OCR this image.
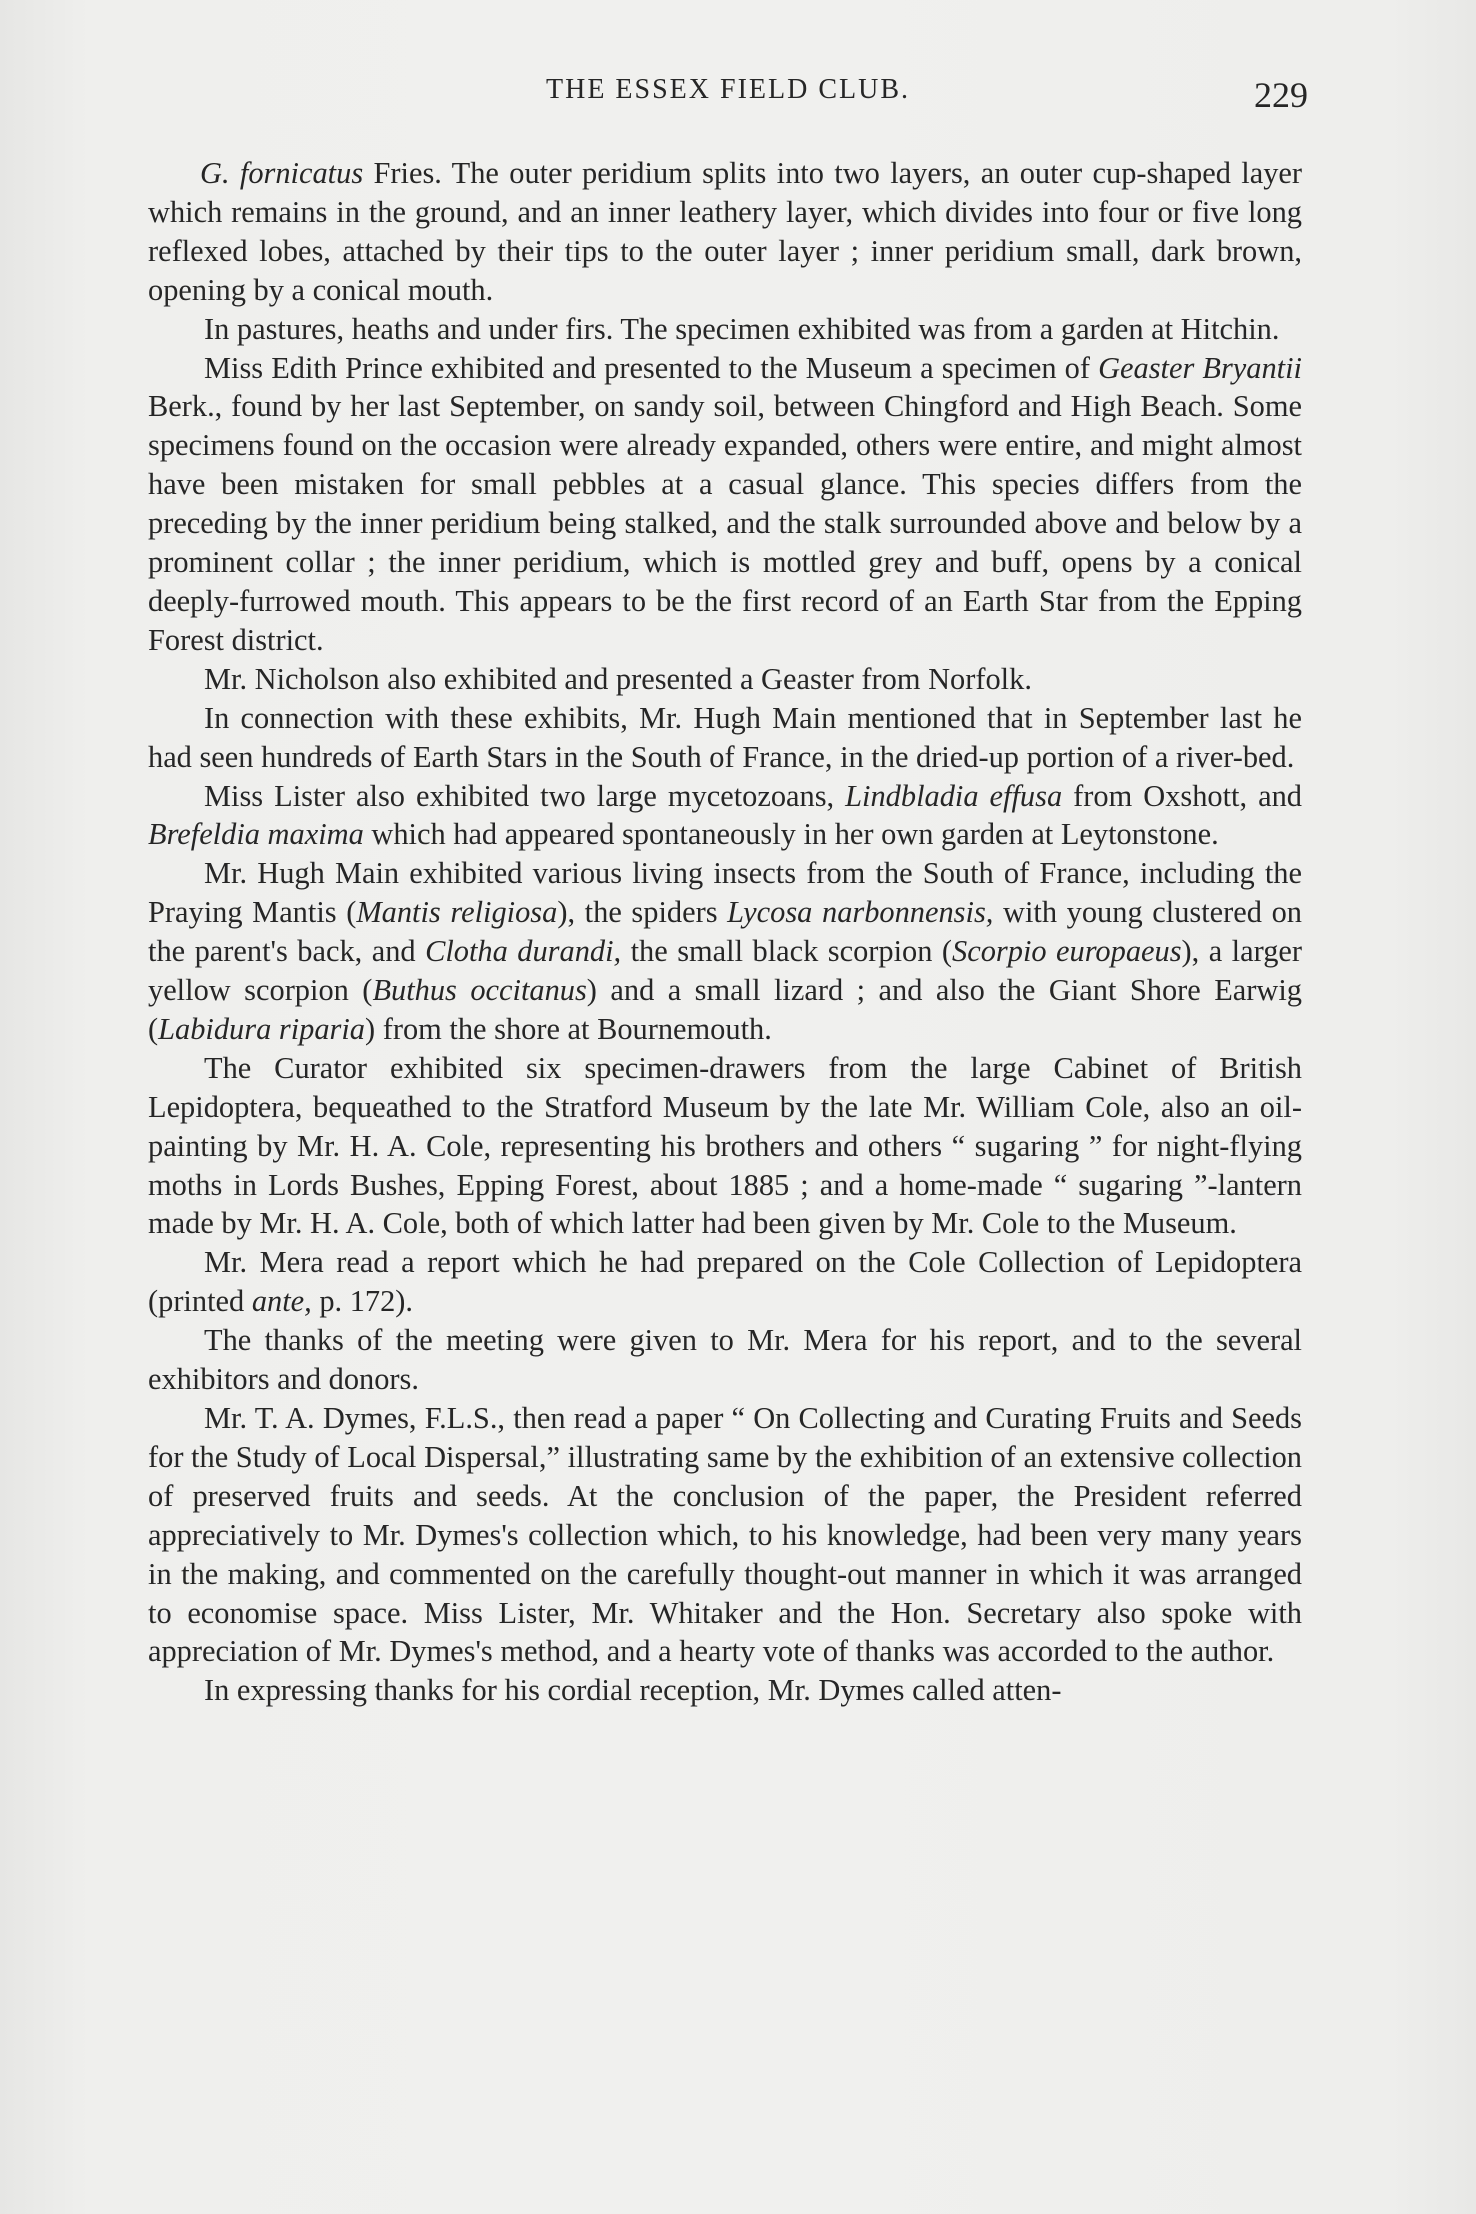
THE ESSEX FIELD CLUB.	229

G. fornicatus Fries. The outer peridium splits into two layers, an outer cup-shaped layer which remains in the ground, and an inner leathery layer, which divides into four or five long reflexed lobes, attached by their tips to the outer layer ; inner peridium small, dark brown, opening by a conical mouth.

In pastures, heaths and under firs. The specimen exhibited was from a garden at Hitchin.

Miss Edith Prince exhibited and presented to the Museum a specimen of Geaster Bryantii Berk., found by her last September, on sandy soil, between Chingford and High Beach. Some specimens found on the occasion were already expanded, others were entire, and might almost have been mistaken for small pebbles at a casual glance. This species differs from the preceding by the inner peridium being stalked, and the stalk surrounded above and below by a prominent collar ; the inner peridium, which is mottled grey and buff, opens by a conical deeply-furrowed mouth. This appears to be the first record of an Earth Star from the Epping Forest district.

Mr. Nicholson also exhibited and presented a Geaster from Norfolk.

In connection with these exhibits, Mr. Hugh Main mentioned that in September last he had seen hundreds of Earth Stars in the South of France, in the dried-up portion of a river-bed.

Miss Lister also exhibited two large mycetozoans, Lindbladia effusa from Oxshott, and Brefeldia maxima which had appeared spontaneously in her own garden at Leytonstone.

Mr. Hugh Main exhibited various living insects from the South of France, including the Praying Mantis (Mantis religiosa), the spiders Lycosa narbonnensis, with young clustered on the parent's back, and Clotha durandi, the small black scorpion (Scorpio europaeus), a larger yellow scorpion (Buthus occitanus) and a small lizard ; and also the Giant Shore Earwig (Labidura riparia) from the shore at Bournemouth.

The Curator exhibited six specimen-drawers from the large Cabinet of British Lepidoptera, bequeathed to the Stratford Museum by the late Mr. William Cole, also an oil-painting by Mr. H. A. Cole, representing his brothers and others “ sugaring ” for night-flying moths in Lords Bushes, Epping Forest, about 1885 ; and a home-made “ sugaring ”-lantern made by Mr. H. A. Cole, both of which latter had been given by Mr. Cole to the Museum.

Mr. Mera read a report which he had prepared on the Cole Collection of Lepidoptera (printed ante, p. 172).

The thanks of the meeting were given to Mr. Mera for his report, and to the several exhibitors and donors.

Mr. T. A. Dymes, F.L.S., then read a paper “ On Collecting and Curating Fruits and Seeds for the Study of Local Dispersal,” illustrating same by the exhibition of an extensive collection of preserved fruits and seeds. At the conclusion of the paper, the President referred appreciatively to Mr. Dymes's collection which, to his knowledge, had been very many years in the making, and commented on the carefully thought-out manner in which it was arranged to economise space. Miss Lister, Mr. Whitaker and the Hon. Secretary also spoke with appreciation of Mr. Dymes's method, and a hearty vote of thanks was accorded to the author.

In expressing thanks for his cordial reception, Mr. Dymes called atten-
